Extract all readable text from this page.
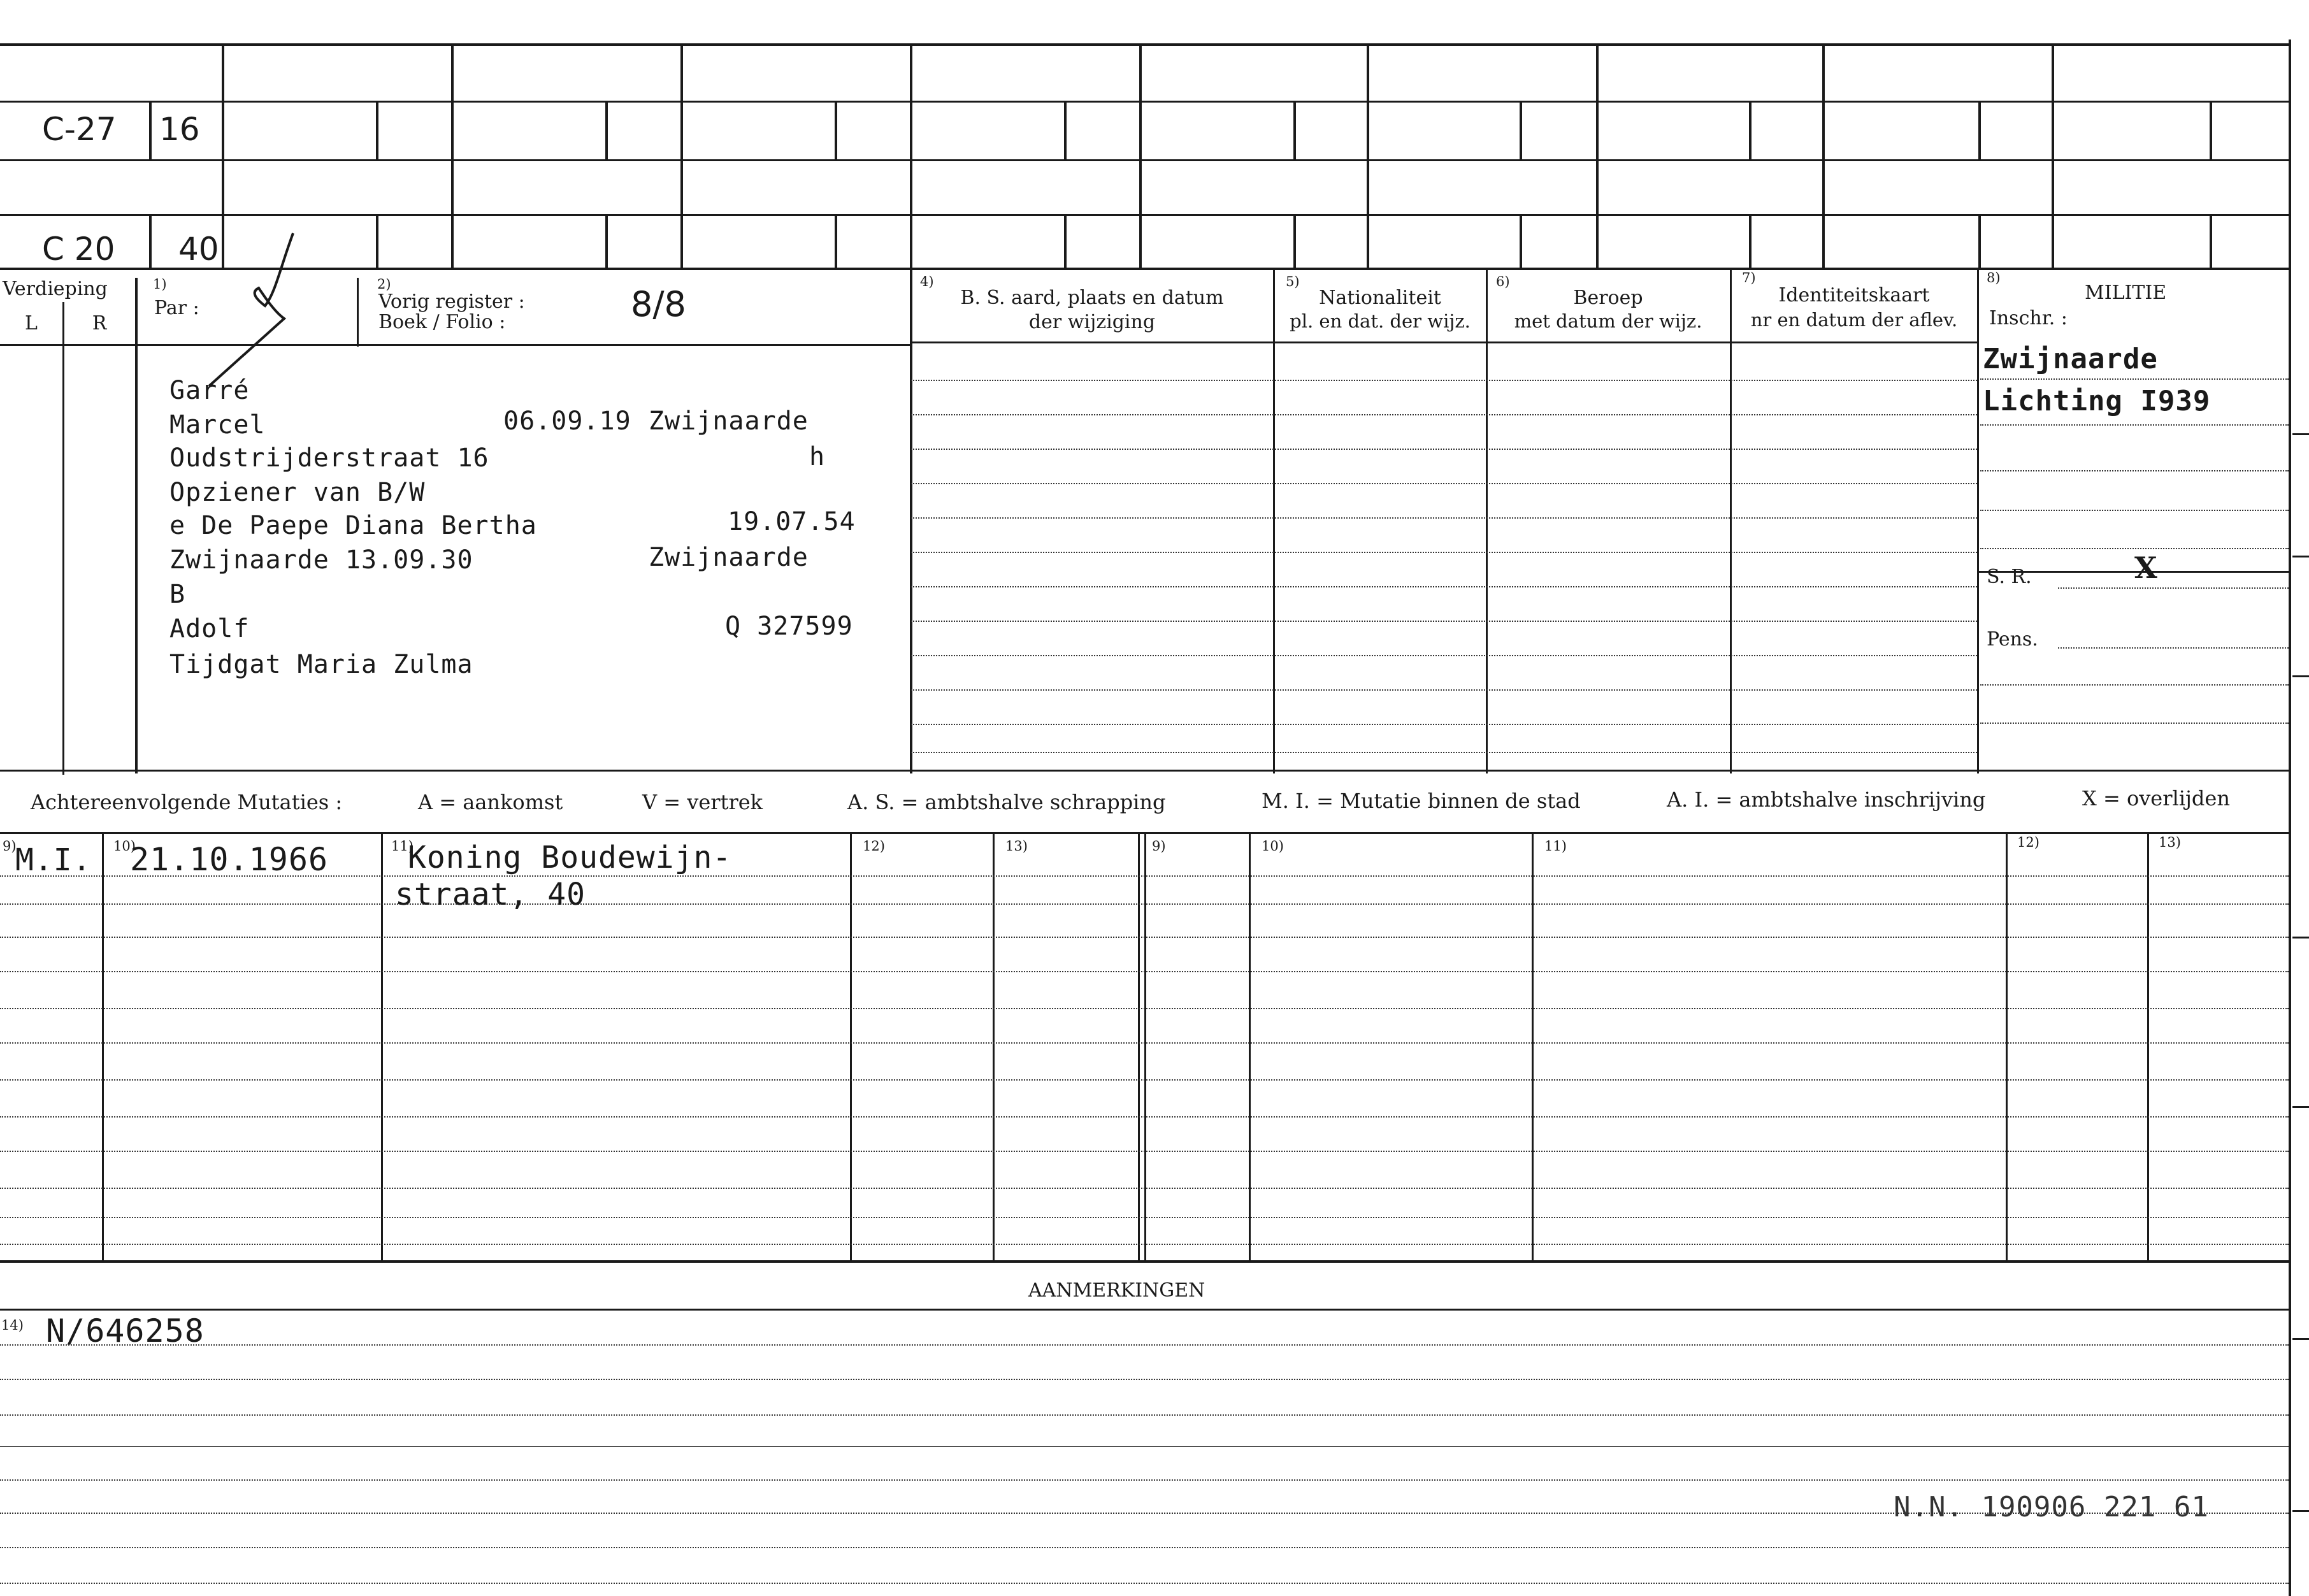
C-27 16
C 20 40
Verdieping
L	R
1)
Par :
2)
Vorig register :
Boek / Folio :	8/8
4)
B. S. aard, plaats en datum
der wijziging
5)
Nationaliteit
pl. en dat. der wijz.
6)
Beroep
met datum der wijz.
7)
Identiteitskaart
nr en datum der aflev.
8)
MILITIE
Inschr. :
Garré
Marcel	06.09.19 Zwijnaarde
Oudstrijderstraat 16	h
Opziener van B/W
e De Paepe Diana Bertha	19.07.54
Zwijnaarde 13.09.30	Zwijnaarde
B
Adolf	Q 327599
Tijdgat Maria Zulma
Zwijnaarde
Lichting I939
S. R.	X
Pens.
Achtereenvolgende Mutaties :	A = aankomst	V = vertrek	A. S. = ambtshalve schrapping	M. I. = Mutatie binnen de stad	A. I. = ambtshalve inschrijving	X = overlijden
9)	10)	11)	12)	13)	9)	10)	11)	12)	13)
M.I. 21.10.1966	Koning Boudewijn-
straat, 40
AANMERKINGEN
14) N/646258
N.N. 190906 221 61
